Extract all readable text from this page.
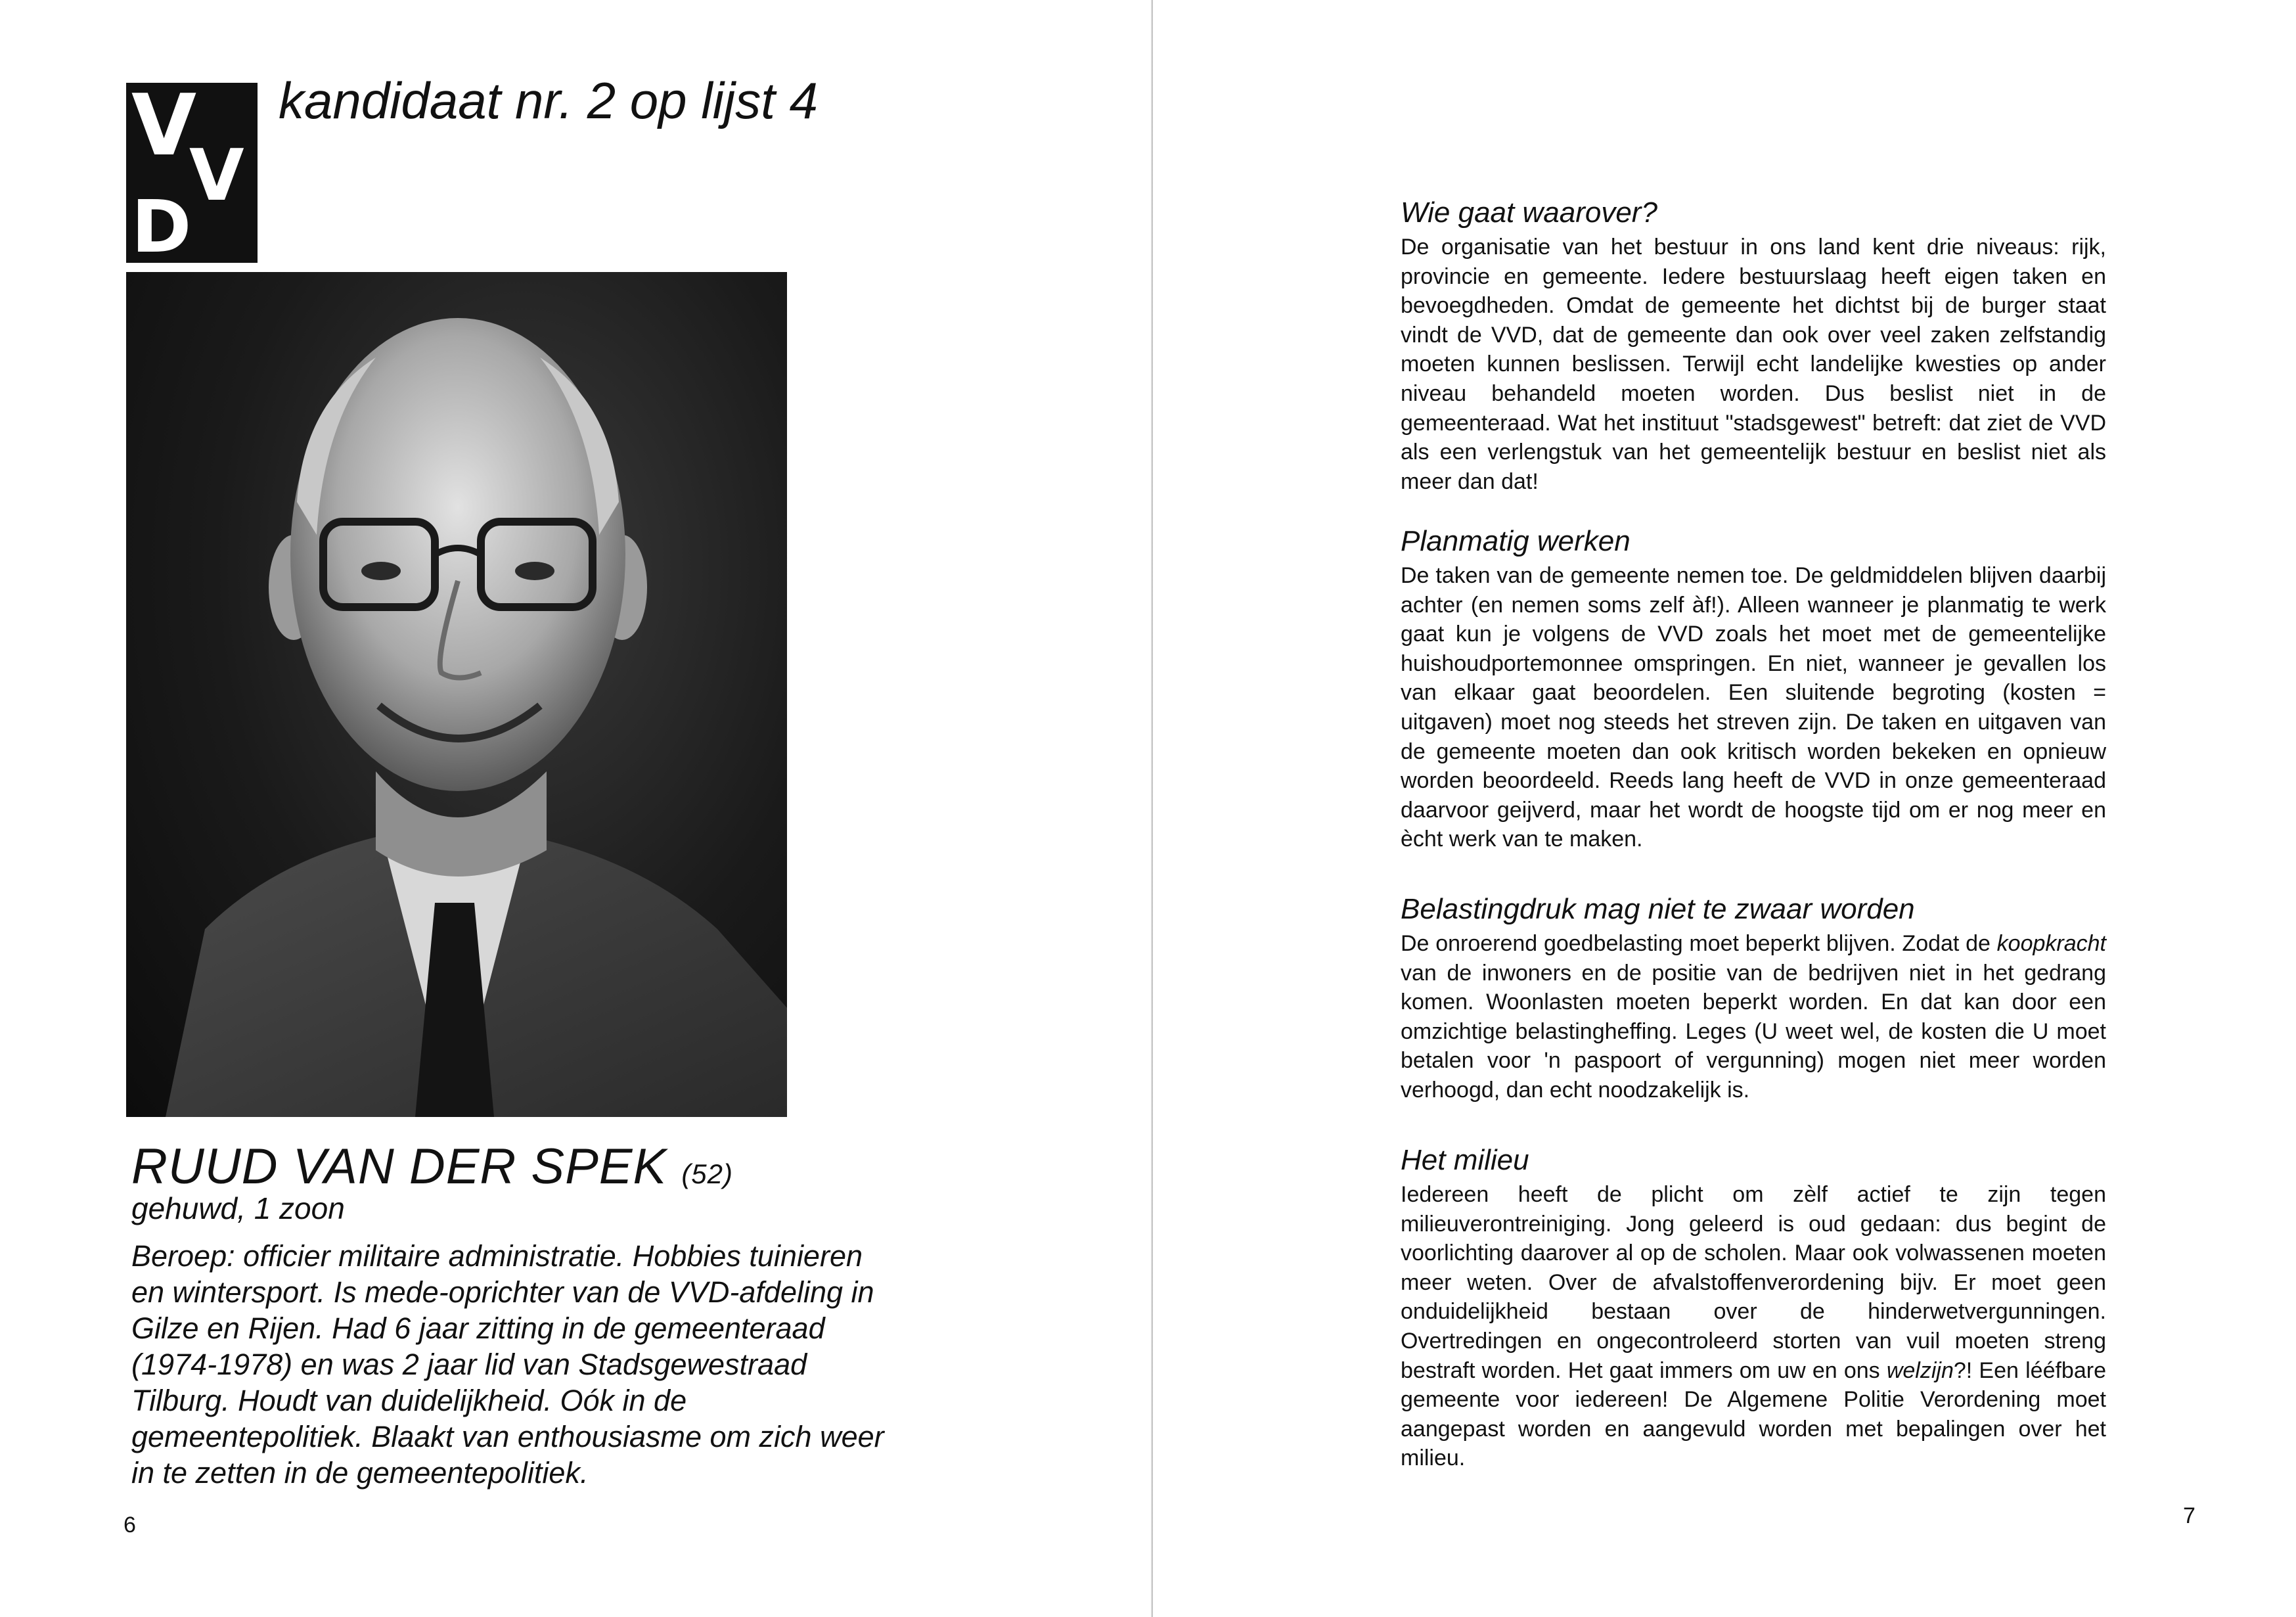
V
V
D
kandidaat nr. 2 op lijst 4
RUUD VAN DER SPEK (52)
gehuwd, 1 zoon

Beroep: officier militaire administratie. Hobbies tuinieren en wintersport. Is mede-oprichter van de VVD-afdeling in Gilze en Rijen. Had 6 jaar zitting in de gemeenteraad (1974-1978) en was 2 jaar lid van Stadsgewestraad Tilburg. Houdt van duidelijkheid. Oók in de gemeentepolitiek. Blaakt van enthousiasme om zich weer in te zetten in de gemeentepolitiek.

6
Wie gaat waarover?

De organisatie van het bestuur in ons land kent drie niveaus: rijk, provincie en gemeente. Iedere bestuurslaag heeft eigen taken en bevoegdheden. Omdat de gemeente het dichtst bij de burger staat vindt de VVD, dat de gemeente dan ook over veel zaken zelfstandig moeten kunnen beslissen. Terwijl echt landelijke kwesties op ander niveau behandeld moeten worden. Dus beslist niet in de gemeenteraad. Wat het instituut "stadsgewest" betreft: dat ziet de VVD als een verlengstuk van het gemeentelijk bestuur en beslist niet als meer dan dat!

Planmatig werken

De taken van de gemeente nemen toe. De geldmiddelen blijven daarbij achter (en nemen soms zelf àf!). Alleen wanneer je planmatig te werk gaat kun je volgens de VVD zoals het moet met de gemeentelijke huishoudportemonnee omspringen. En niet, wanneer je gevallen los van elkaar gaat beoordelen. Een sluitende begroting (kosten = uitgaven) moet nog steeds het streven zijn. De taken en uitgaven van de gemeente moeten dan ook kritisch worden bekeken en opnieuw worden beoordeeld. Reeds lang heeft de VVD in onze gemeenteraad daarvoor geijverd, maar het wordt de hoogste tijd om er nog meer en ècht werk van te maken.

Belastingdruk mag niet te zwaar worden

De onroerend goedbelasting moet beperkt blijven. Zodat de koopkracht van de inwoners en de positie van de bedrijven niet in het gedrang komen. Woonlasten moeten beperkt worden. En dat kan door een omzichtige belastingheffing. Leges (U weet wel, de kosten die U moet betalen voor 'n paspoort of vergunning) mogen niet meer worden verhoogd, dan echt noodzakelijk is.

Het milieu

Iedereen heeft de plicht om zèlf actief te zijn tegen milieuverontreiniging. Jong geleerd is oud gedaan: dus begint de voorlichting daarover al op de scholen. Maar ook volwassenen moeten meer weten. Over de afvalstoffenverordening bijv. Er moet geen onduidelijkheid bestaan over de hinderwetvergunningen. Overtredingen en ongecontroleerd storten van vuil moeten streng bestraft worden. Het gaat immers om uw en ons welzijn?! Een lééfbare gemeente voor iedereen! De Algemene Politie Verordening moet aangepast worden en aangevuld worden met bepalingen over het milieu.

7
